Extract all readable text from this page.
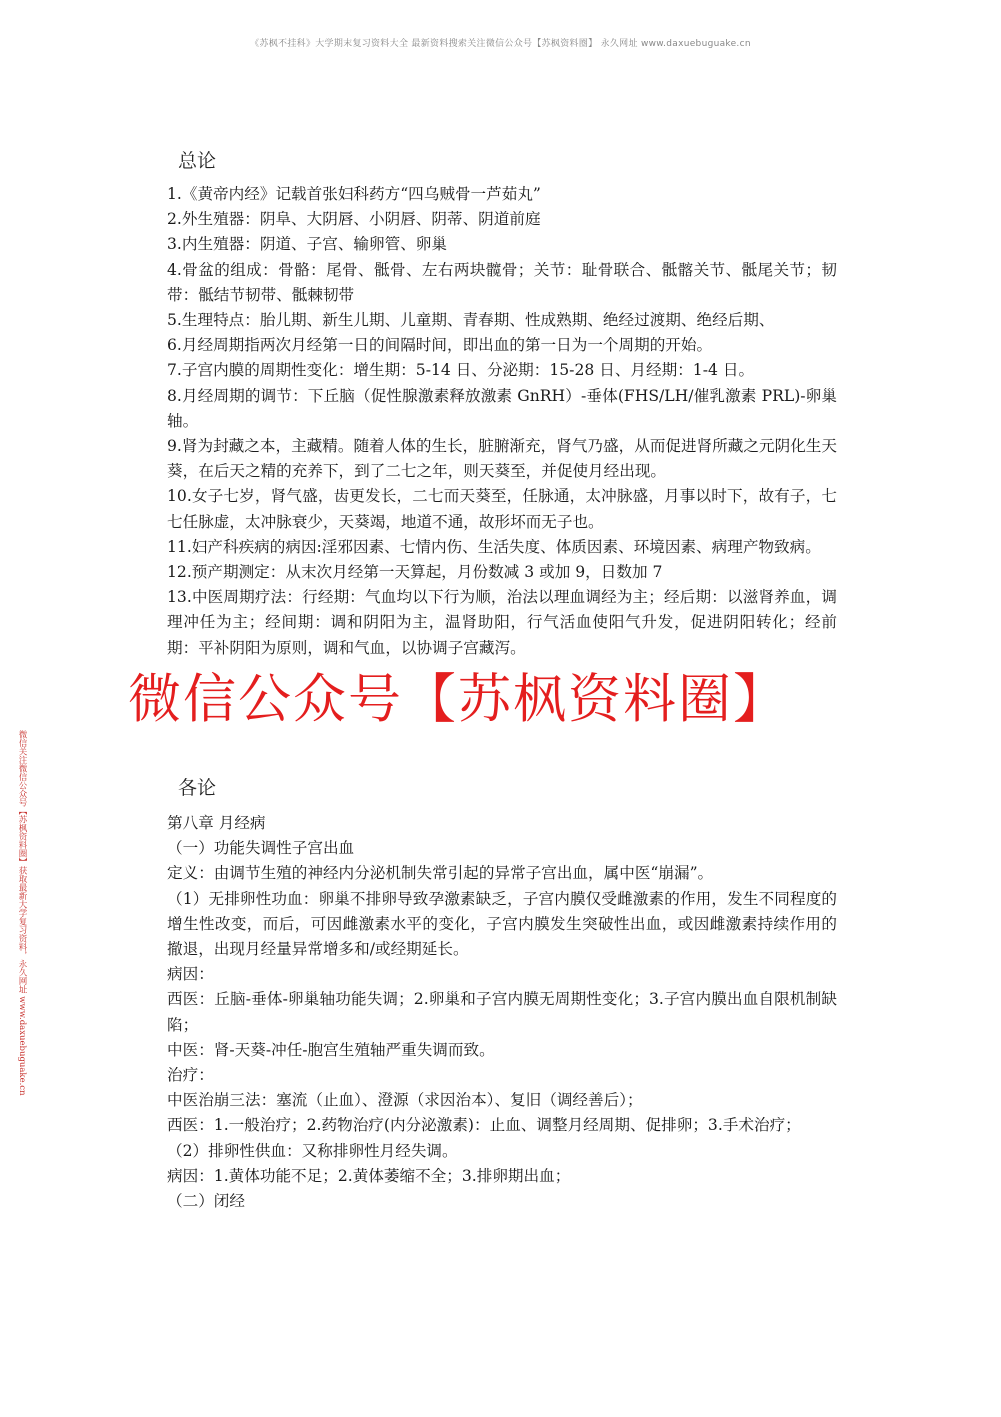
《苏枫不挂科》大学期末复习资料大全 最新资料搜索关注微信公众号【苏枫资料圈】 永久网址 www.daxuebuguake.cn
微信关注微信公众号【苏枫资料圈】获取最新大学复习资料，永久网址 www.daxuebuguake.cn
总论

1.《黄帝内经》记载首张妇科药方“四乌贼骨一芦茹丸”

2.外生殖器：阴阜、大阴唇、小阴唇、阴蒂、阴道前庭

3.内生殖器：阴道、子宫、输卵管、卵巢

4.骨盆的组成：骨骼：尾骨、骶骨、左右两块髋骨；关节：耻骨联合、骶髂关节、骶尾关节；韧带：骶结节韧带、骶棘韧带

5.生理特点：胎儿期、新生儿期、儿童期、青春期、性成熟期、绝经过渡期、绝经后期、

6.月经周期指两次月经第一日的间隔时间，即出血的第一日为一个周期的开始。

7.子宫内膜的周期性变化：增生期：5-14 日、分泌期：15-28 日、月经期：1-4 日。

8.月经周期的调节：下丘脑（促性腺激素释放激素 GnRH）-垂体(FHS/LH/催乳激素 PRL)-卵巢轴。

9.肾为封藏之本，主藏精。随着人体的生长，脏腑渐充，肾气乃盛，从而促进肾所藏之元阴化生天葵，在后天之精的充养下，到了二七之年，则天葵至，并促使月经出现。

10.女子七岁，肾气盛，齿更发长，二七而天葵至，任脉通，太冲脉盛，月事以时下，故有子，七七任脉虚，太冲脉衰少，天葵竭，地道不通，故形坏而无子也。

11.妇产科疾病的病因:淫邪因素、七情内伤、生活失度、体质因素、环境因素、病理产物致病。

12.预产期测定：从末次月经第一天算起，月份数减 3 或加 9，日数加 7

13.中医周期疗法：行经期：气血均以下行为顺，治法以理血调经为主；经后期：以滋肾养血，调理冲任为主；经间期：调和阴阳为主，温肾助阳，行气活血使阳气升发，促进阴阳转化；经前期：平补阴阳为原则，调和气血，以协调子宫藏泻。

各论

第八章 月经病

（一）功能失调性子宫出血

定义：由调节生殖的神经内分泌机制失常引起的异常子宫出血，属中医“崩漏”。

（1）无排卵性功血：卵巢不排卵导致孕激素缺乏，子宫内膜仅受雌激素的作用，发生不同程度的增生性改变，而后，可因雌激素水平的变化，子宫内膜发生突破性出血，或因雌激素持续作用的撤退，出现月经量异常增多和/或经期延长。

病因：

西医：丘脑-垂体-卵巢轴功能失调；2.卵巢和子宫内膜无周期性变化；3.子宫内膜出血自限机制缺陷；

中医：肾-天葵-冲任-胞宫生殖轴严重失调而致。

治疗：

中医治崩三法：塞流（止血）、澄源（求因治本）、复旧（调经善后）；

西医：1.一般治疗；2.药物治疗(内分泌激素)：止血、调整月经周期、促排卵；3.手术治疗；

（2）排卵性供血：又称排卵性月经失调。

病因：1.黄体功能不足；2.黄体萎缩不全；3.排卵期出血；

（二）闭经

微信公众号【苏枫资料圈】
